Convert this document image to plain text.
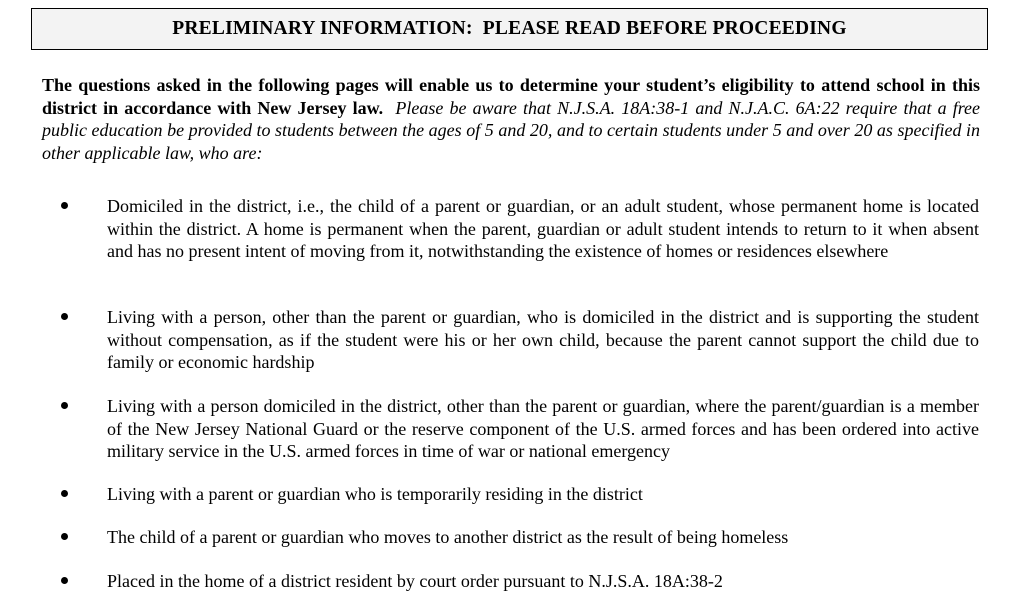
PRELIMINARY INFORMATION:  PLEASE READ BEFORE PROCEEDING

The questions asked in the following pages will enable us to determine your student’s eligibility to attend school in this district in accordance with New Jersey law. Please be aware that N.J.S.A. 18A:38-1 and N.J.A.C. 6A:22 require that a free public education be provided to students between the ages of 5 and 20, and to certain students under 5 and over 20 as specified in other applicable law, who are:

Domiciled in the district, i.e., the child of a parent or guardian, or an adult student, whose permanent home is located within the district. A home is permanent when the parent, guardian or adult student intends to return to it when absent and has no present intent of moving from it, notwithstanding the existence of homes or residences elsewhere
Living with a person, other than the parent or guardian, who is domiciled in the district and is supporting the student without compensation, as if the student were his or her own child, because the parent cannot support the child due to family or economic hardship
Living with a person domiciled in the district, other than the parent or guardian, where the parent/guardian is a member of the New Jersey National Guard or the reserve component of the U.S. armed forces and has been ordered into active military service in the U.S. armed forces in time of war or national emergency
Living with a parent or guardian who is temporarily residing in the district
The child of a parent or guardian who moves to another district as the result of being homeless
Placed in the home of a district resident by court order pursuant to N.J.S.A. 18A:38-2
